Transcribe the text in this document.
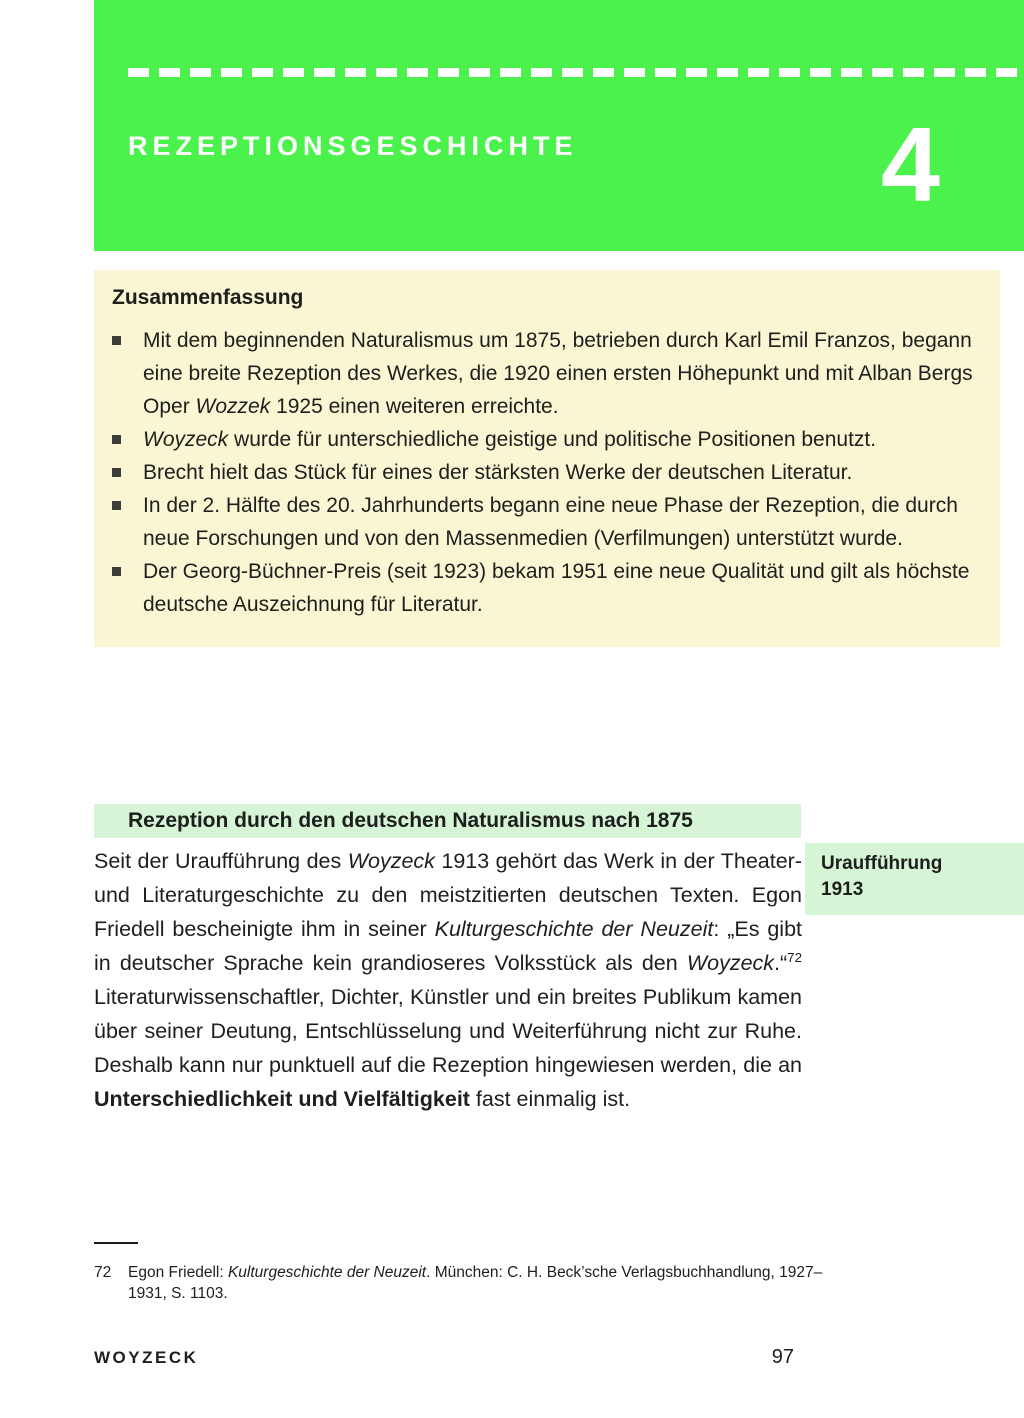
REZEPTIONSGESCHICHTE	4
Zusammenfassung
Mit dem beginnenden Naturalismus um 1875, betrieben durch Karl Emil Franzos, begann eine breite Rezeption des Werkes, die 1920 einen ersten Höhepunkt und mit Alban Bergs Oper Wozzek 1925 einen weiteren erreichte.
Woyzeck wurde für unterschiedliche geistige und politische Positionen benutzt.
Brecht hielt das Stück für eines der stärksten Werke der deutschen Literatur.
In der 2. Hälfte des 20. Jahrhunderts begann eine neue Phase der Rezeption, die durch neue Forschungen und von den Massenmedien (Verfilmungen) unterstützt wurde.
Der Georg-Büchner-Preis (seit 1923) bekam 1951 eine neue Qualität und gilt als höchste deutsche Auszeichnung für Literatur.
Rezeption durch den deutschen Naturalismus nach 1875
Uraufführung
1913

Seit der Uraufführung des Woyzeck 1913 gehört das Werk in der Theater- und Literaturgeschichte zu den meistzitierten deutschen Texten. Egon Friedell bescheinigte ihm in seiner Kulturgeschichte der Neuzeit: „Es gibt in deutscher Sprache kein grandioseres Volksstück als den Woyzeck.“$^{72}$ Literaturwissenschaftler, Dichter, Künstler und ein breites Publikum kamen über seiner Deutung, Entschlüsselung und Weiterführung nicht zur Ruhe. Deshalb kann nur punktuell auf die Rezeption hingewiesen werden, die an Unterschiedlichkeit und Vielfältigkeit fast einmalig ist.

72	Egon Friedell: Kulturgeschichte der Neuzeit. München: C. H. Beck’sche Verlagsbuchhandlung, 1927–1931, S. 1103.
WOYZECK	97
